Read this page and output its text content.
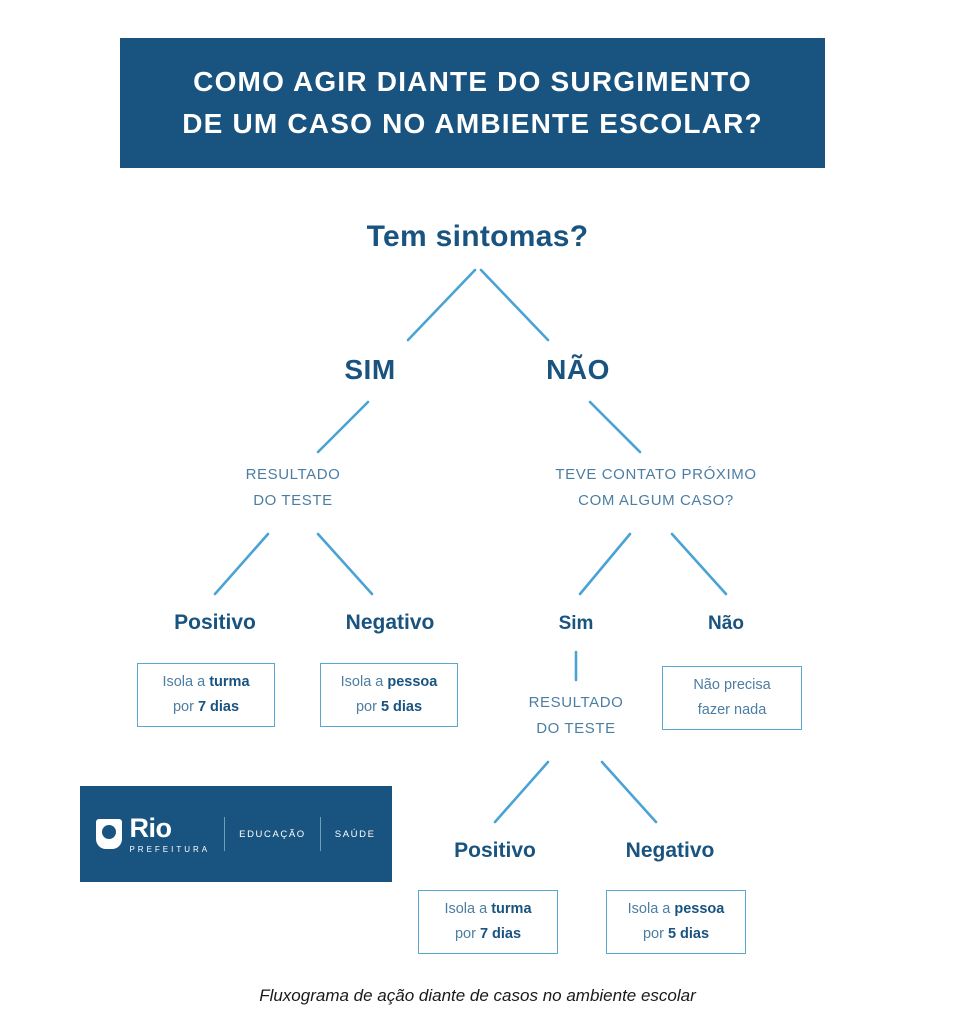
COMO AGIR DIANTE DO SURGIMENTO
DE UM CASO NO AMBIENTE ESCOLAR?
Tem sintomas?
SIM	NÃO
RESULTADO
DO TESTE
TEVE CONTATO PRÓXIMO
COM ALGUM CASO?
Positivo	Negativo
Isola a turma
por 7 dias
Isola a pessoa
por 5 dias
Sim	Não
Não precisa
fazer nada
RESULTADO
DO TESTE
Positivo	Negativo
Isola a turma
por 7 dias
Isola a pessoa
por 5 dias
Rio
PREFEITURA
EDUCAÇÃO	SAÚDE
Fluxograma de ação diante de casos no ambiente escolar
